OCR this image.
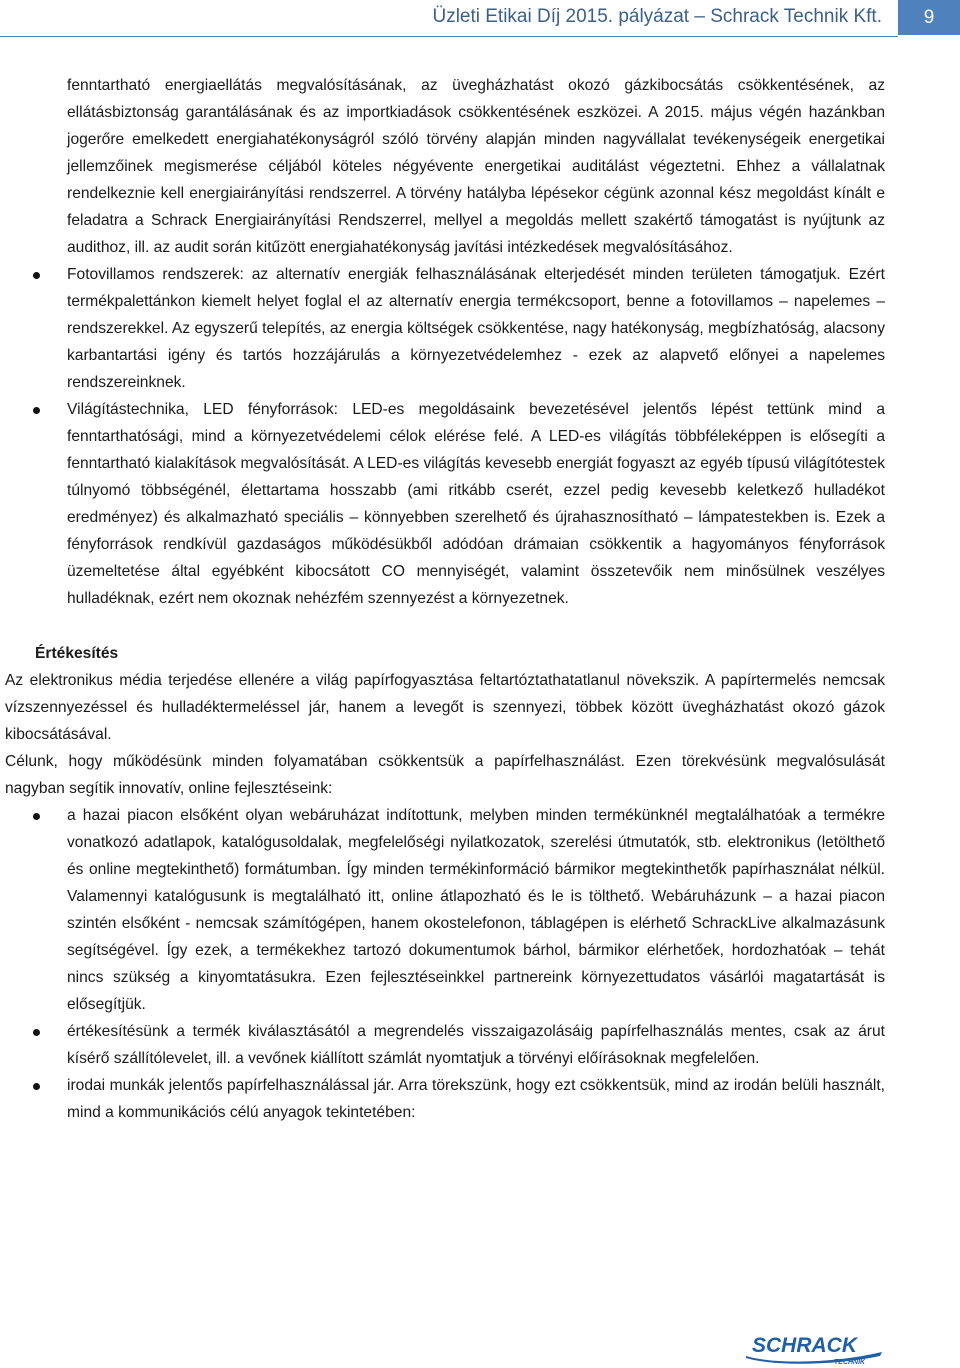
Üzleti Etikai Díj 2015. pályázat – Schrack Technik Kft.	9

fenntartható energiaellátás megvalósításának, az üvegházhatást okozó gázkibocsátás csökkentésének, az ellátásbiztonság garantálásának és az importkiadások csökkentésének eszközei. A 2015. május végén hazánkban jogerőre emelkedett energiahatékonyságról szóló törvény alapján minden nagyvállalat tevékenységeik energetikai jellemzőinek megismerése céljából köteles négyévente energetikai auditálást végeztetni. Ehhez a vállalatnak rendelkeznie kell energiairányítási rendszerrel. A törvény hatályba lépésekor cégünk azonnal kész megoldást kínált e feladatra a Schrack Energiairányítási Rendszerrel, mellyel a megoldás mellett szakértő támogatást is nyújtunk az audithoz, ill. az audit során kitűzött energiahatékonyság javítási intézkedések megvalósításához.

Fotovillamos rendszerek: az alternatív energiák felhasználásának elterjedését minden területen támogatjuk. Ezért termékpalettánkon kiemelt helyet foglal el az alternatív energia termékcsoport, benne a fotovillamos – napelemes – rendszerekkel. Az egyszerű telepítés, az energia költségek csökkentése, nagy hatékonyság, megbízhatóság, alacsony karbantartási igény és tartós hozzájárulás a környezetvédelemhez - ezek az alapvető előnyei a napelemes rendszereinknek.
Világítástechnika, LED fényforrások: LED-es megoldásaink bevezetésével jelentős lépést tettünk mind a fenntarthatósági, mind a környezetvédelemi célok elérése felé. A LED-es világítás többféleképpen is elősegíti a fenntartható kialakítások megvalósítását. A LED-es világítás kevesebb energiát fogyaszt az egyéb típusú világítótestek túlnyomó többségénél, élettartama hosszabb (ami ritkább cserét, ezzel pedig kevesebb keletkező hulladékot eredményez) és alkalmazható speciális – könnyebben szerelhető és újrahasznosítható – lámpatestekben is. Ezek a fényforrások rendkívül gazdaságos működésükből adódóan drámaian csökkentik a hagyományos fényforrások üzemeltetése által egyébként kibocsátott CO mennyiségét, valamint összetevőik nem minősülnek veszélyes hulladéknak, ezért nem okoznak nehézfém szennyezést a környezetnek.

Értékesítés

Az elektronikus média terjedése ellenére a világ papírfogyasztása feltartóztathatatlanul növekszik. A papírtermelés nemcsak vízszennyezéssel és hulladéktermeléssel jár, hanem a levegőt is szennyezi, többek között üvegházhatást okozó gázok kibocsátásával.

Célunk, hogy működésünk minden folyamatában csökkentsük a papírfelhasználást. Ezen törekvésünk megvalósulását nagyban segítik innovatív, online fejlesztéseink:

a hazai piacon elsőként olyan webáruházat indítottunk, melyben minden termékünknél megtalálhatóak a termékre vonatkozó adatlapok, katalógusoldalak, megfelelőségi nyilatkozatok, szerelési útmutatók, stb. elektronikus (letölthető és online megtekinthető) formátumban. Így minden termékinformáció bármikor megtekinthetők papírhasználat nélkül. Valamennyi katalógusunk is megtalálható itt, online átlapozható és le is tölthető. Webáruházunk – a hazai piacon szintén elsőként - nemcsak számítógépen, hanem okostelefonon, táblagépen is elérhető SchrackLive alkalmazásunk segítségével. Így ezek, a termékekhez tartozó dokumentumok bárhol, bármikor elérhetőek, hordozhatóak – tehát nincs szükség a kinyomtatásukra. Ezen fejlesztéseinkkel partnereink környezettudatos vásárlói magatartását is elősegítjük.
értékesítésünk a termék kiválasztásától a megrendelés visszaigazolásáig papírfelhasználás mentes, csak az árut kísérő szállítólevelet, ill. a vevőnek kiállított számlát nyomtatjuk a törvényi előírásoknak megfelelően.
irodai munkák jelentős papírfelhasználással jár. Arra törekszünk, hogy ezt csökkentsük, mind az irodán belüli használt, mind a kommunikációs célú anyagok tekintetében:
SCHRACK
TECHNIK
